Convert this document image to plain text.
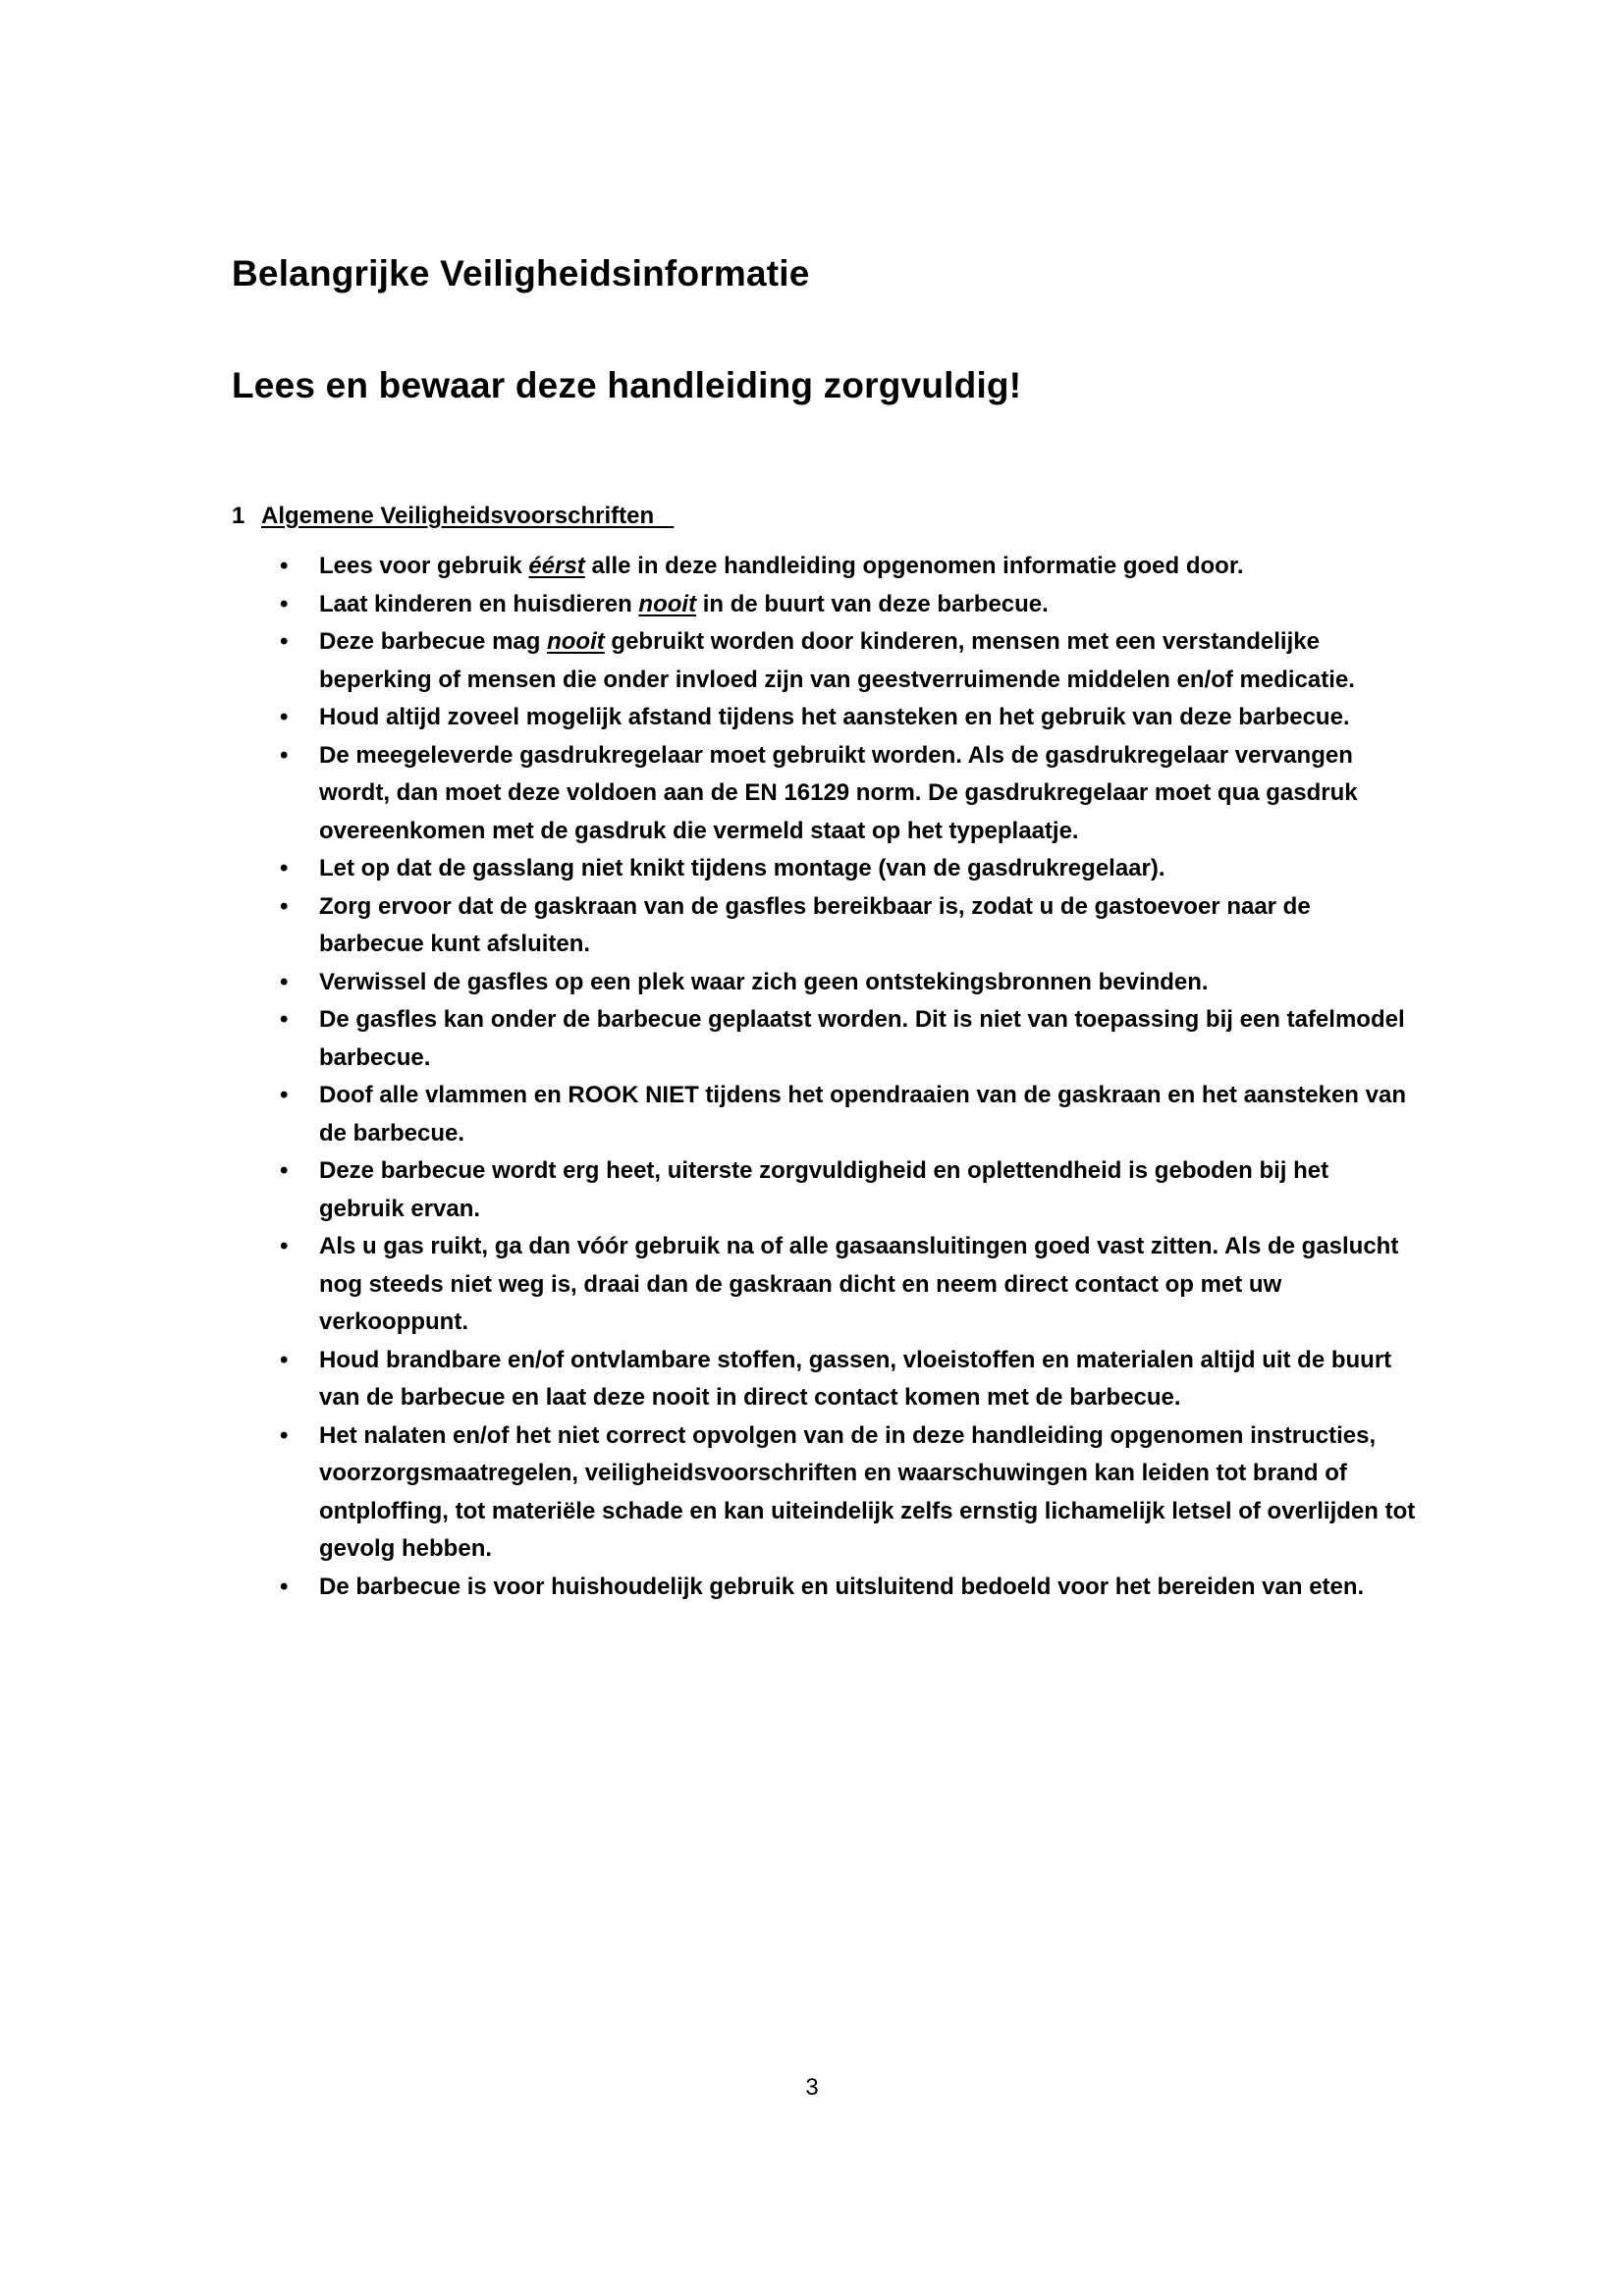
Belangrijke Veiligheidsinformatie
Lees en bewaar deze handleiding zorgvuldig!
1 Algemene Veiligheidsvoorschriften
•	Lees voor gebruik éérst alle in deze handleiding opgenomen informatie goed door.
•	Laat kinderen en huisdieren nooit in de buurt van deze barbecue.
•	Deze barbecue mag nooit gebruikt worden door kinderen, mensen met een verstandelijke beperking of mensen die onder invloed zijn van geestverruimende middelen en/of medicatie.
•	Houd altijd zoveel mogelijk afstand tijdens het aansteken en het gebruik van deze barbecue.
•	De meegeleverde gasdrukregelaar moet gebruikt worden. Als de gasdrukregelaar vervangen wordt, dan moet deze voldoen aan de EN 16129 norm. De gasdrukregelaar moet qua gasdruk overeenkomen met de gasdruk die vermeld staat op het typeplaatje.
•	Let op dat de gasslang niet knikt tijdens montage (van de gasdrukregelaar).
•	Zorg ervoor dat de gaskraan van de gasfles bereikbaar is, zodat u de gastoevoer naar de barbecue kunt afsluiten.
•	Verwissel de gasfles op een plek waar zich geen ontstekingsbronnen bevinden.
•	De gasfles kan onder de barbecue geplaatst worden. Dit is niet van toepassing bij een tafelmodel barbecue.
•	Doof alle vlammen en ROOK NIET tijdens het opendraaien van de gaskraan en het aansteken van de barbecue.
•	Deze barbecue wordt erg heet, uiterste zorgvuldigheid en oplettendheid is geboden bij het gebruik ervan.
•	Als u gas ruikt, ga dan vóór gebruik na of alle gasaansluitingen goed vast zitten. Als de gaslucht nog steeds niet weg is, draai dan de gaskraan dicht en neem direct contact op met uw verkooppunt.
•	Houd brandbare en/of ontvlambare stoffen, gassen, vloeistoffen en materialen altijd uit de buurt van de barbecue en laat deze nooit in direct contact komen met de barbecue.
•	Het nalaten en/of het niet correct opvolgen van de in deze handleiding opgenomen instructies, voorzorgsmaatregelen, veiligheidsvoorschriften en waarschuwingen kan leiden tot brand of ontploffing, tot materiële schade en kan uiteindelijk zelfs ernstig lichamelijk letsel of overlijden tot gevolg hebben.
•	De barbecue is voor huishoudelijk gebruik en uitsluitend bedoeld voor het bereiden van eten.
3
